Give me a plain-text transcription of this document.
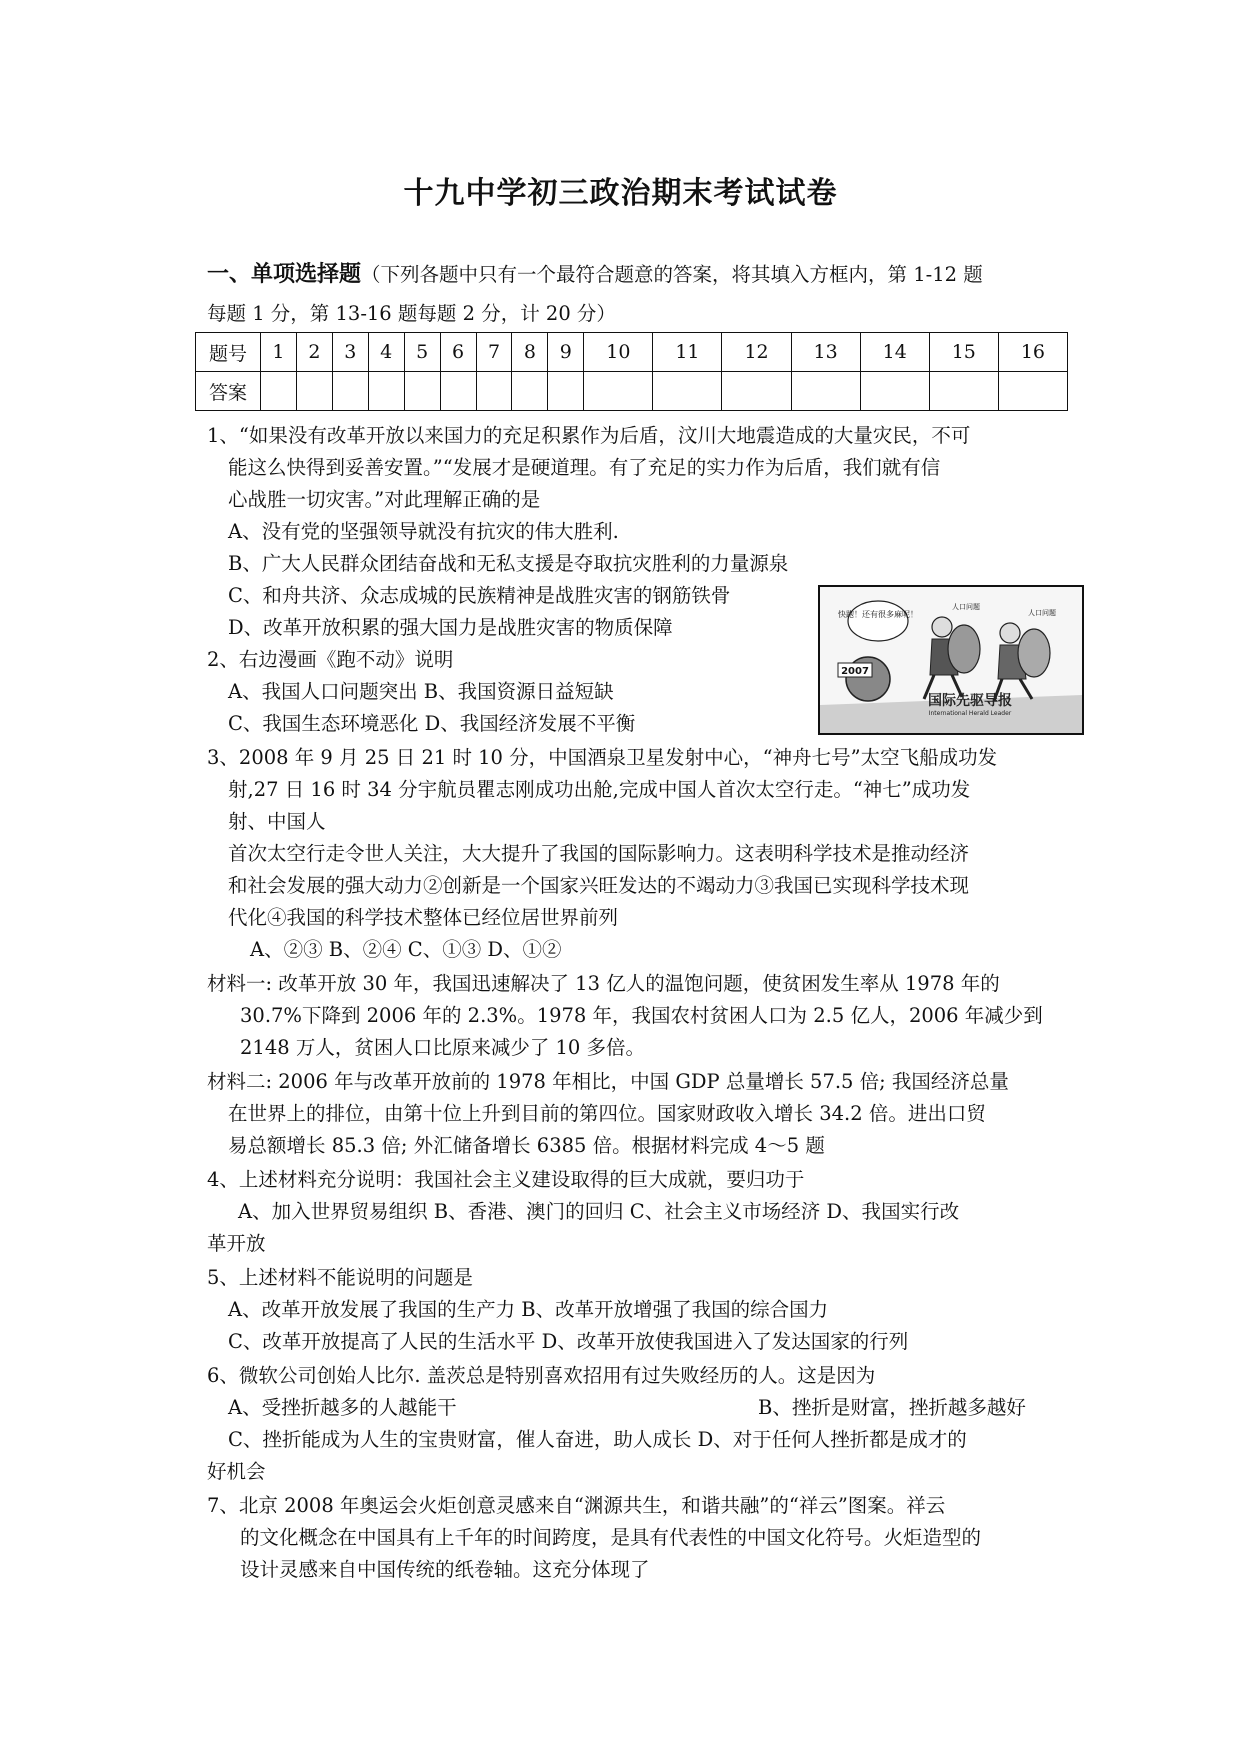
十九中学初三政治期末考试试卷
一、单项选择题（下列各题中只有一个最符合题意的答案，将其填入方框内，第 1-12 题
每题 1 分，第 13-16 题每题 2 分，计 20 分）
题号	1	2	3	4	5	6	7	8	9	10	11	12	13	14	15	16
答案																
1、“如果没有改革开放以来国力的充足积累作为后盾，汶川大地震造成的大量灾民，不可
能这么快得到妥善安置。”“发展才是硬道理。有了充足的实力作为后盾，我们就有信
心战胜一切灾害。”对此理解正确的是
A、没有党的坚强领导就没有抗灾的伟大胜利.
B、广大人民群众团结奋战和无私支援是夺取抗灾胜利的力量源泉
C、和舟共济、众志成城的民族精神是战胜灾害的钢筋铁骨
D、改革开放积累的强大国力是战胜灾害的物质保障
2、右边漫画《跑不动》说明
A、我国人口问题突出 B、我国资源日益短缺
C、我国生态环境恶化 D、我国经济发展不平衡
3、2008 年 9 月 25 日 21 时 10 分，中国酒泉卫星发射中心，“神舟七号”太空飞船成功发
射,27 日 16 时 34 分宇航员瞿志刚成功出舱,完成中国人首次太空行走。“神七”成功发
射、中国人
首次太空行走令世人关注，大大提升了我国的国际影响力。这表明科学技术是推动经济
和社会发展的强大动力②创新是一个国家兴旺发达的不竭动力③我国已实现科学技术现
代化④我国的科学技术整体已经位居世界前列
A、②③ B、②④ C、①③ D、①②
材料一: 改革开放 30 年，我国迅速解决了 13 亿人的温饱问题，使贫困发生率从 1978 年的
30.7%下降到 2006 年的 2.3%。1978 年，我国农村贫困人口为 2.5 亿人，2006 年减少到
2148 万人，贫困人口比原来减少了 10 多倍。
材料二: 2006 年与改革开放前的 1978 年相比，中国 GDP 总量增长 57.5 倍; 我国经济总量
在世界上的排位，由第十位上升到目前的第四位。国家财政收入增长 34.2 倍。进出口贸
易总额增长 85.3 倍; 外汇储备增长 6385 倍。根据材料完成 4～5 题
4、上述材料充分说明：我国社会主义建设取得的巨大成就，要归功于
A、加入世界贸易组织 B、香港、澳门的回归 C、社会主义市场经济 D、我国实行改
革开放
5、上述材料不能说明的问题是
A、改革开放发展了我国的生产力 B、改革开放增强了我国的综合国力
C、改革开放提高了人民的生活水平 D、改革开放使我国进入了发达国家的行列
6、微软公司创始人比尔. 盖茨总是特别喜欢招用有过失败经历的人。这是因为
A、受挫折越多的人越能干	B、挫折是财富，挫折越多越好
C、挫折能成为人生的宝贵财富，催人奋进，助人成长 D、对于任何人挫折都是成才的
好机会
7、北京 2008 年奥运会火炬创意灵感来自“渊源共生，和谐共融”的“祥云”图案。祥云
的文化概念在中国具有上千年的时间跨度，是具有代表性的中国文化符号。火炬造型的
设计灵感来自中国传统的纸卷轴。这充分体现了
快跑！还有很多麻呢！
2007
人口问题
人口问题
国际先驱导报
International Herald Leader
